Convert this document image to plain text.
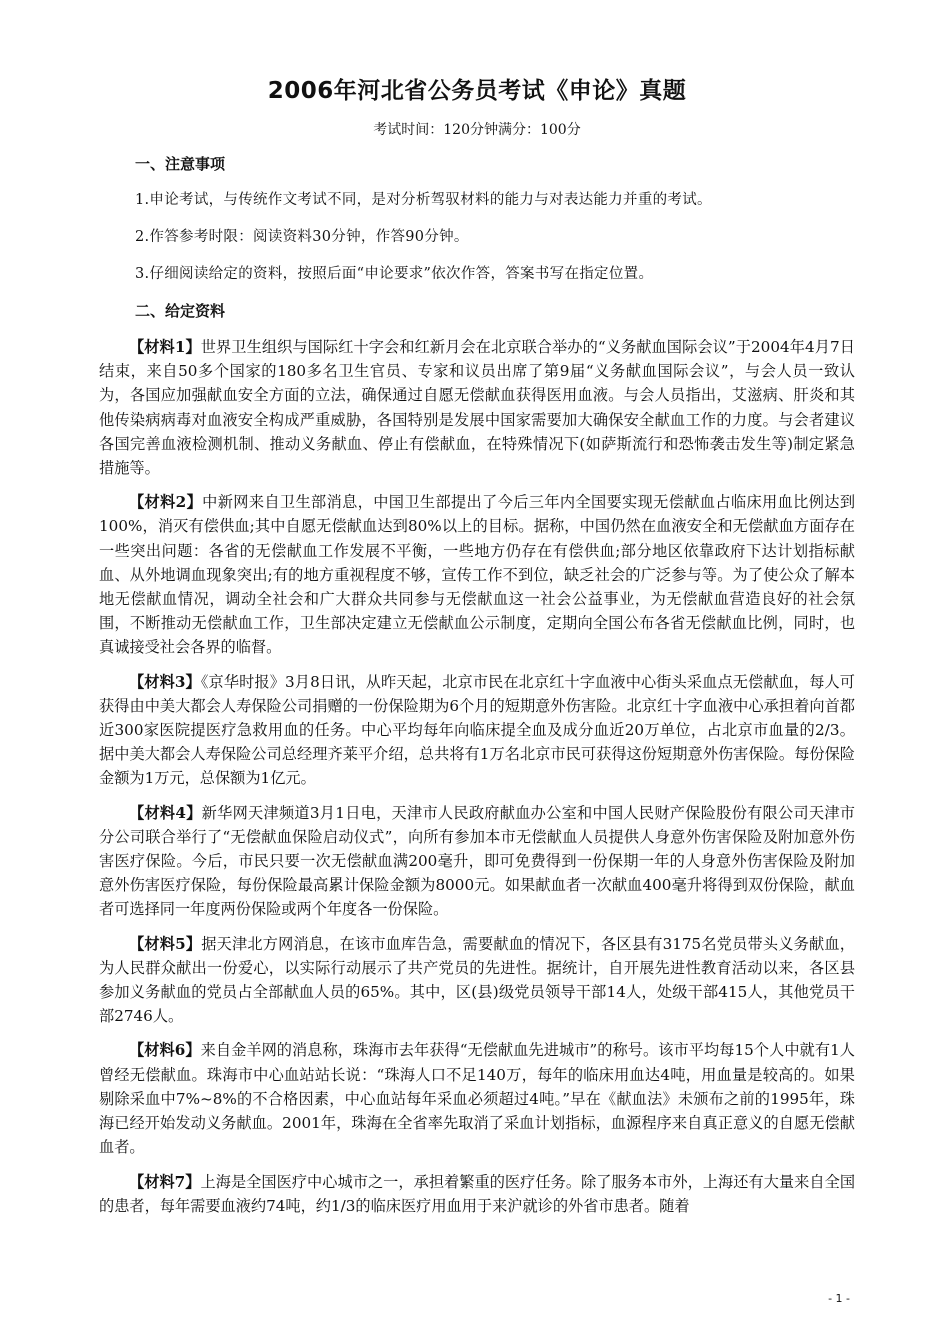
2006年河北省公务员考试《申论》真题
考试时间：120分钟满分：100分
一、注意事项
1.申论考试，与传统作文考试不同，是对分析驾驭材料的能力与对表达能力并重的考试。
2.作答参考时限：阅读资料30分钟，作答90分钟。
3.仔细阅读给定的资料，按照后面“申论要求”依次作答，答案书写在指定位置。
二、给定资料

【材料1】世界卫生组织与国际红十字会和红新月会在北京联合举办的“义务献血国际会议”于2004年4月7日结束，来自50多个国家的180多名卫生官员、专家和议员出席了第9届“义务献血国际会议”，与会人员一致认为，各国应加强献血安全方面的立法，确保通过自愿无偿献血获得医用血液。与会人员指出，艾滋病、肝炎和其他传染病病毒对血液安全构成严重威胁，各国特别是发展中国家需要加大确保安全献血工作的力度。与会者建议各国完善血液检测机制、推动义务献血、停止有偿献血，在特殊情况下(如萨斯流行和恐怖袭击发生等)制定紧急措施等。

【材料2】中新网来自卫生部消息，中国卫生部提出了今后三年内全国要实现无偿献血占临床用血比例达到100%，消灭有偿供血;其中自愿无偿献血达到80%以上的目标。据称，中国仍然在血液安全和无偿献血方面存在一些突出问题：各省的无偿献血工作发展不平衡，一些地方仍存在有偿供血;部分地区依靠政府下达计划指标献血、从外地调血现象突出;有的地方重视程度不够，宣传工作不到位，缺乏社会的广泛参与等。为了使公众了解本地无偿献血情况，调动全社会和广大群众共同参与无偿献血这一社会公益事业，为无偿献血营造良好的社会氛围，不断推动无偿献血工作，卫生部决定建立无偿献血公示制度，定期向全国公布各省无偿献血比例，同时，也真诚接受社会各界的临督。

【材料3】《京华时报》3月8日讯，从昨天起，北京市民在北京红十字血液中心街头采血点无偿献血，每人可获得由中美大都会人寿保险公司捐赠的一份保险期为6个月的短期意外伤害险。北京红十字血液中心承担着向首都近300家医院提医疗急救用血的任务。中心平均每年向临床提全血及成分血近20万单位，占北京市血量的2/3。据中美大都会人寿保险公司总经理齐莱平介绍，总共将有1万名北京市民可获得这份短期意外伤害保险。每份保险金额为1万元，总保额为1亿元。

【材料4】新华网天津频道3月1日电，天津市人民政府献血办公室和中国人民财产保险股份有限公司天津市分公司联合举行了“无偿献血保险启动仪式”，向所有参加本市无偿献血人员提供人身意外伤害保险及附加意外伤害医疗保险。今后，市民只要一次无偿献血满200毫升，即可免费得到一份保期一年的人身意外伤害保险及附加意外伤害医疗保险，每份保险最高累计保险金额为8000元。如果献血者一次献血400毫升将得到双份保险，献血者可选择同一年度两份保险或两个年度各一份保险。

【材料5】据天津北方网消息，在该市血库告急，需要献血的情况下，各区县有3175名党员带头义务献血，为人民群众献出一份爱心，以实际行动展示了共产党员的先进性。据统计，自开展先进性教育活动以来，各区县参加义务献血的党员占全部献血人员的65%。其中，区(县)级党员领导干部14人，处级干部415人，其他党员干部2746人。

【材料6】来自金羊网的消息称，珠海市去年获得“无偿献血先进城市”的称号。该市平均每15个人中就有1人曾经无偿献血。珠海市中心血站站长说：“珠海人口不足140万，每年的临床用血达4吨，用血量是较高的。如果剔除采血中7%~8%的不合格因素，中心血站每年采血必须超过4吨。”早在《献血法》未颁布之前的1995年，珠海已经开始发动义务献血。2001年，珠海在全省率先取消了采血计划指标，血源程序来自真正意义的自愿无偿献血者。

【材料7】上海是全国医疗中心城市之一，承担着繁重的医疗任务。除了服务本市外，上海还有大量来自全国的患者，每年需要血液约74吨，约1/3的临床医疗用血用于来沪就诊的外省市患者。随着

- 1 -
